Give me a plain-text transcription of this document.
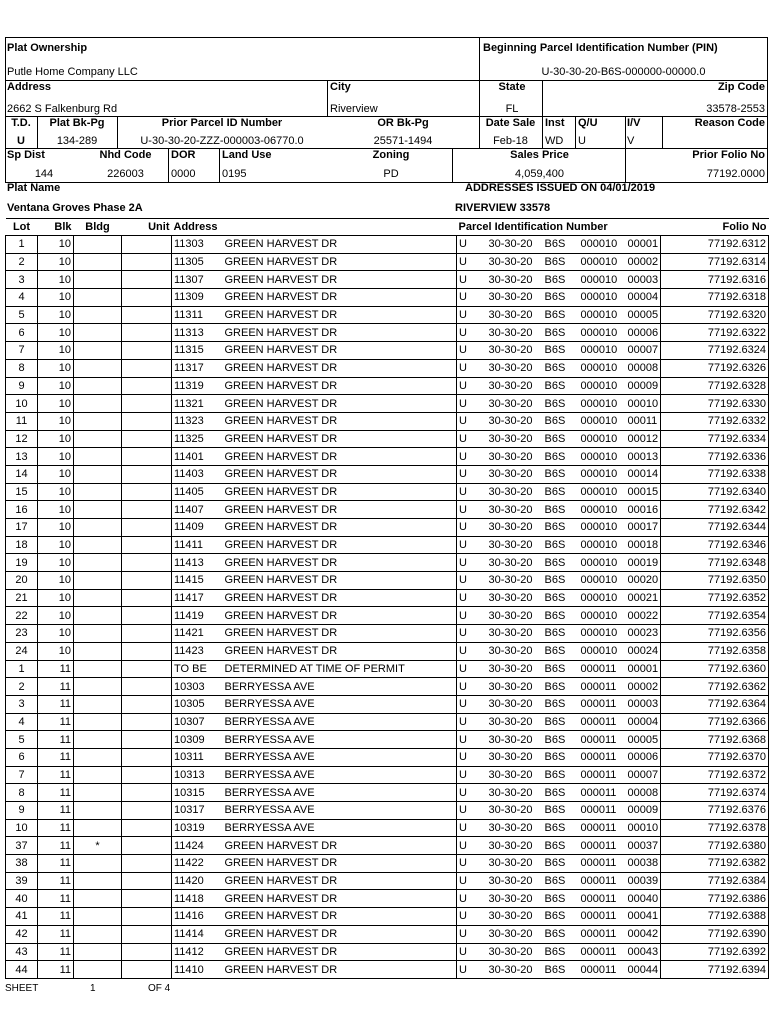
Plat Ownership	Beginning Parcel Identification Number (PIN)
Putle Home Company LLC	U-30-30-20-B6S-000000-00000.0
Address	City	State	Zip Code
2662 S Falkenburg Rd	Riverview	FL	33578-2553
T.D.	Plat Bk-Pg	Prior Parcel ID Number	OR Bk-Pg	Date Sale Inst Q/U	I/V	Reason Code
U	134-289	U-30-30-20-ZZZ-000003-06770.0	25571-1494	Feb-18	WD U	V
Sp Dist	Nhd Code	DOR Land Use	Zoning	Sales Price	Prior Folio No
144	226003	0000 0195	PD	4,059,400	77192.0000
Plat Name	ADDRESSES ISSUED ON 04/01/2019
Ventana Groves Phase 2A	RIVERVIEW 33578
Lot	Blk	Bldg	Unit	Address		Parcel Identification Number					Folio No
1	10			11303	GREEN HARVEST DR	U	30-30-20	B6S	000010	00001	77192.6312
2	10			11305	GREEN HARVEST DR	U	30-30-20	B6S	000010	00002	77192.6314
3	10			11307	GREEN HARVEST DR	U	30-30-20	B6S	000010	00003	77192.6316
4	10			11309	GREEN HARVEST DR	U	30-30-20	B6S	000010	00004	77192.6318
5	10			11311	GREEN HARVEST DR	U	30-30-20	B6S	000010	00005	77192.6320
6	10			11313	GREEN HARVEST DR	U	30-30-20	B6S	000010	00006	77192.6322
7	10			11315	GREEN HARVEST DR	U	30-30-20	B6S	000010	00007	77192.6324
8	10			11317	GREEN HARVEST DR	U	30-30-20	B6S	000010	00008	77192.6326
9	10			11319	GREEN HARVEST DR	U	30-30-20	B6S	000010	00009	77192.6328
10	10			11321	GREEN HARVEST DR	U	30-30-20	B6S	000010	00010	77192.6330
11	10			11323	GREEN HARVEST DR	U	30-30-20	B6S	000010	00011	77192.6332
12	10			11325	GREEN HARVEST DR	U	30-30-20	B6S	000010	00012	77192.6334
13	10			11401	GREEN HARVEST DR	U	30-30-20	B6S	000010	00013	77192.6336
14	10			11403	GREEN HARVEST DR	U	30-30-20	B6S	000010	00014	77192.6338
15	10			11405	GREEN HARVEST DR	U	30-30-20	B6S	000010	00015	77192.6340
16	10			11407	GREEN HARVEST DR	U	30-30-20	B6S	000010	00016	77192.6342
17	10			11409	GREEN HARVEST DR	U	30-30-20	B6S	000010	00017	77192.6344
18	10			11411	GREEN HARVEST DR	U	30-30-20	B6S	000010	00018	77192.6346
19	10			11413	GREEN HARVEST DR	U	30-30-20	B6S	000010	00019	77192.6348
20	10			11415	GREEN HARVEST DR	U	30-30-20	B6S	000010	00020	77192.6350
21	10			11417	GREEN HARVEST DR	U	30-30-20	B6S	000010	00021	77192.6352
22	10			11419	GREEN HARVEST DR	U	30-30-20	B6S	000010	00022	77192.6354
23	10			11421	GREEN HARVEST DR	U	30-30-20	B6S	000010	00023	77192.6356
24	10			11423	GREEN HARVEST DR	U	30-30-20	B6S	000010	00024	77192.6358
1	11			TO BE	DETERMINED AT TIME OF PERMIT	U	30-30-20	B6S	000011	00001	77192.6360
2	11			10303	BERRYESSA AVE	U	30-30-20	B6S	000011	00002	77192.6362
3	11			10305	BERRYESSA AVE	U	30-30-20	B6S	000011	00003	77192.6364
4	11			10307	BERRYESSA AVE	U	30-30-20	B6S	000011	00004	77192.6366
5	11			10309	BERRYESSA AVE	U	30-30-20	B6S	000011	00005	77192.6368
6	11			10311	BERRYESSA AVE	U	30-30-20	B6S	000011	00006	77192.6370
7	11			10313	BERRYESSA AVE	U	30-30-20	B6S	000011	00007	77192.6372
8	11			10315	BERRYESSA AVE	U	30-30-20	B6S	000011	00008	77192.6374
9	11			10317	BERRYESSA AVE	U	30-30-20	B6S	000011	00009	77192.6376
10	11			10319	BERRYESSA AVE	U	30-30-20	B6S	000011	00010	77192.6378
37	11	*		11424	GREEN HARVEST DR	U	30-30-20	B6S	000011	00037	77192.6380
38	11			11422	GREEN HARVEST DR	U	30-30-20	B6S	000011	00038	77192.6382
39	11			11420	GREEN HARVEST DR	U	30-30-20	B6S	000011	00039	77192.6384
40	11			11418	GREEN HARVEST DR	U	30-30-20	B6S	000011	00040	77192.6386
41	11			11416	GREEN HARVEST DR	U	30-30-20	B6S	000011	00041	77192.6388
42	11			11414	GREEN HARVEST DR	U	30-30-20	B6S	000011	00042	77192.6390
43	11			11412	GREEN HARVEST DR	U	30-30-20	B6S	000011	00043	77192.6392
44	11			11410	GREEN HARVEST DR	U	30-30-20	B6S	000011	00044	77192.6394
SHEET	1	OF 4
